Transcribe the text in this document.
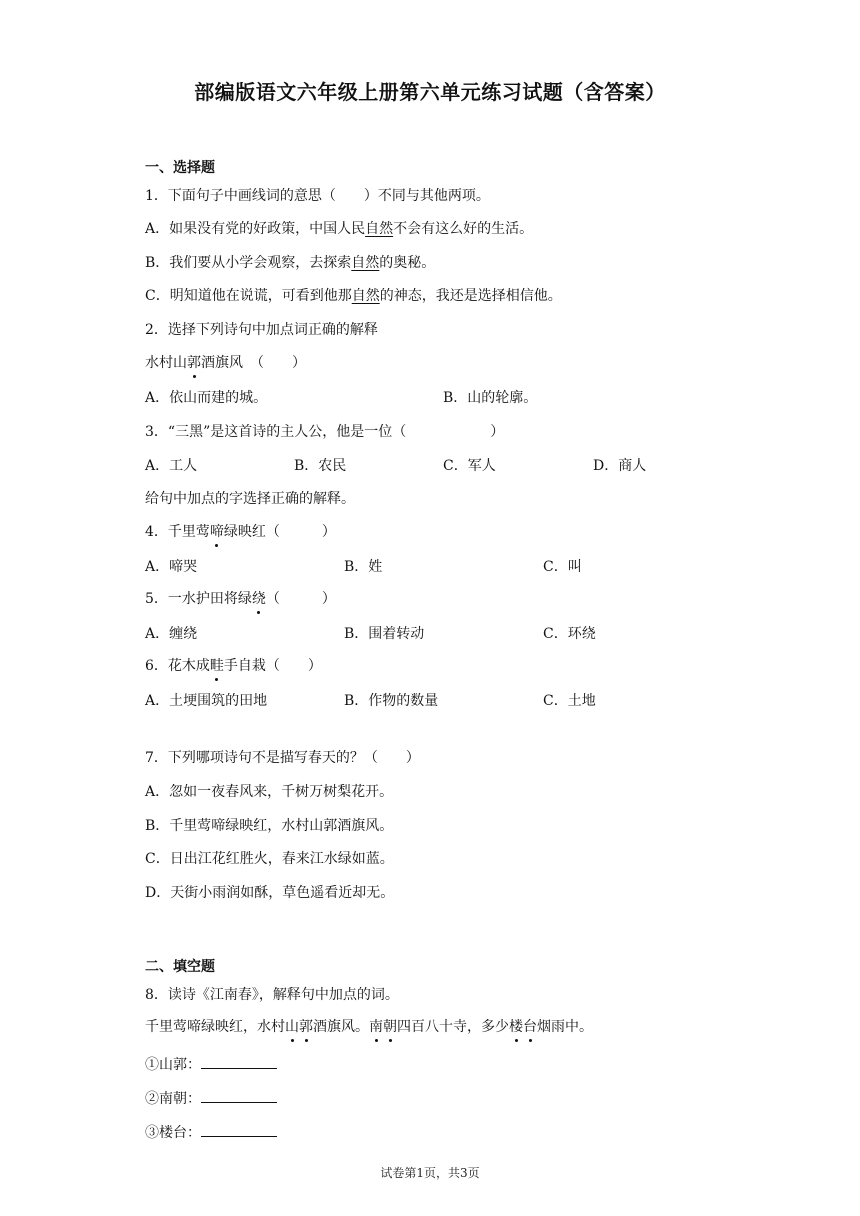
部编版语文六年级上册第六单元练习试题（含答案）
一、选择题
1．下面句子中画线词的意思（　　）不同与其他两项。
A．如果没有党的好政策，中国人民自然不会有这么好的生活。
B．我们要从小学会观察，去探索自然的奥秘。
C．明知道他在说谎，可看到他那自然的神态，我还是选择相信他。
2．选择下列诗句中加点词正确的解释
水村山郭酒旗风　（　　）
A．依山而建的城。	B．山的轮廓。
3．“三黑”是这首诗的主人公，他是一位（　　　　　　）
A．工人	B．农民	C．军人	D．商人
给句中加点的字选择正确的解释。
4．千里莺啼绿映红（　　　）
A．啼哭	B．姓	C．叫
5．一水护田将绿绕（　　　）
A．缠绕	B．围着转动	C．环绕
6．花木成畦手自栽（　　）
A．土埂围筑的田地	B．作物的数量	C．土地
7．下列哪项诗句不是描写春天的？（　　）
A．忽如一夜春风来，千树万树梨花开。
B．千里莺啼绿映红，水村山郭酒旗风。
C．日出江花红胜火，春来江水绿如蓝。
D．天街小雨润如酥，草色遥看近却无。
二、填空题
8．读诗《江南春》，解释句中加点的词。
千里莺啼绿映红，水村山郭酒旗风。南朝四百八十寺，多少楼台烟雨中。
①山郭：
②南朝：
③楼台：
试卷第1页，共3页
